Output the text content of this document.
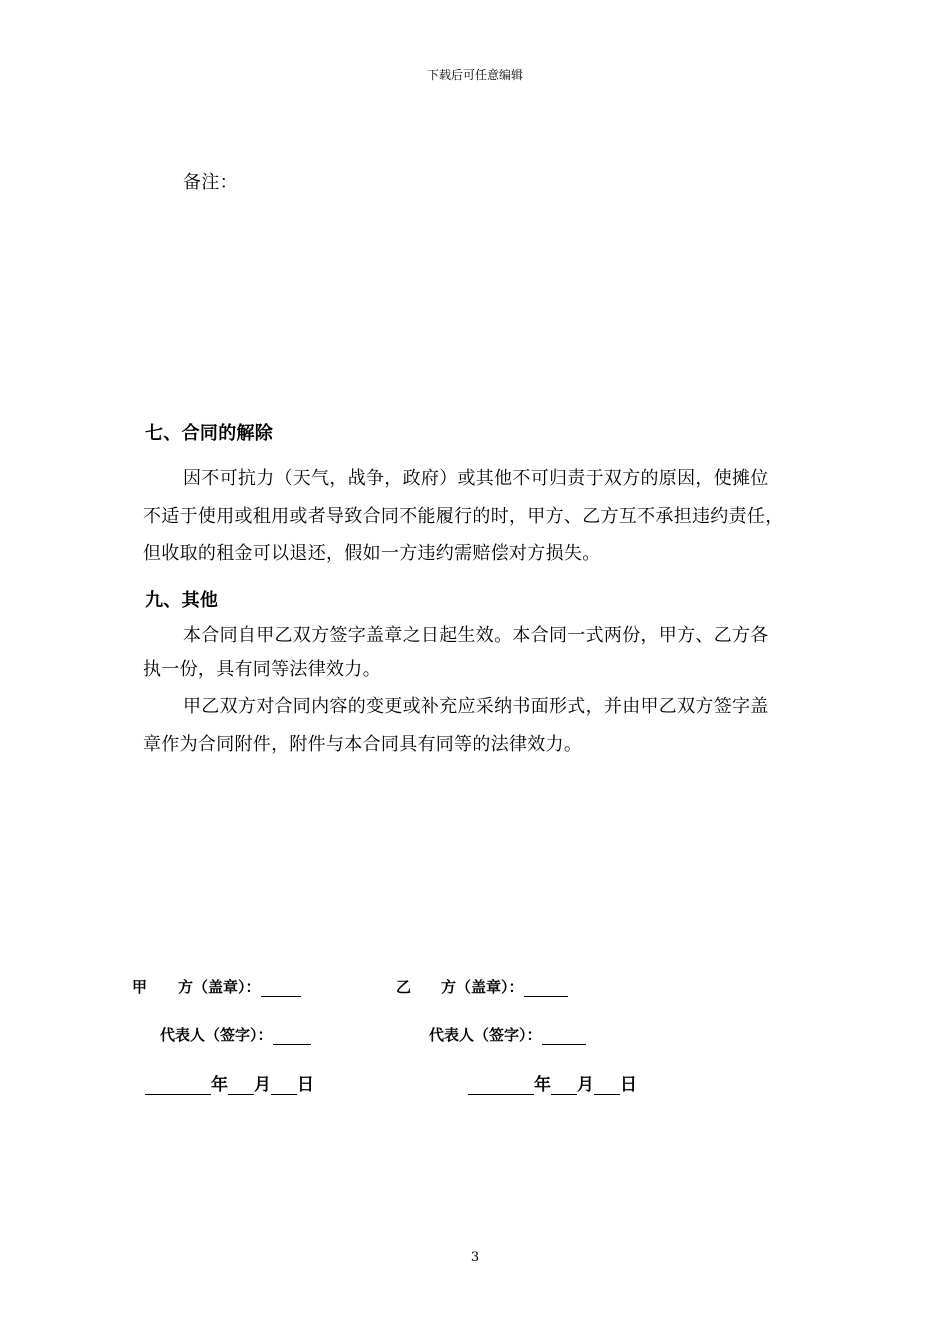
下载后可任意编辑
备注：
七、合同的解除
因不可抗力（天气，战争，政府）或其他不可归责于双方的原因，使摊位
不适于使用或租用或者导致合同不能履行的时，甲方、乙方互不承担违约责任，
但收取的租金可以退还，假如一方违约需赔偿对方损失。
九、其他
本合同自甲乙双方签字盖章之日起生效。本合同一式两份，甲方、乙方各
执一份，具有同等法律效力。
甲乙双方对合同内容的变更或补充应采纳书面形式，并由甲乙双方签字盖
章作为合同附件，附件与本合同具有同等的法律效力。
甲 方（盖章）：	乙 方（盖章）：
代表人（签字）：	代表人（签字）：
年 月 日	年 月 日
3
